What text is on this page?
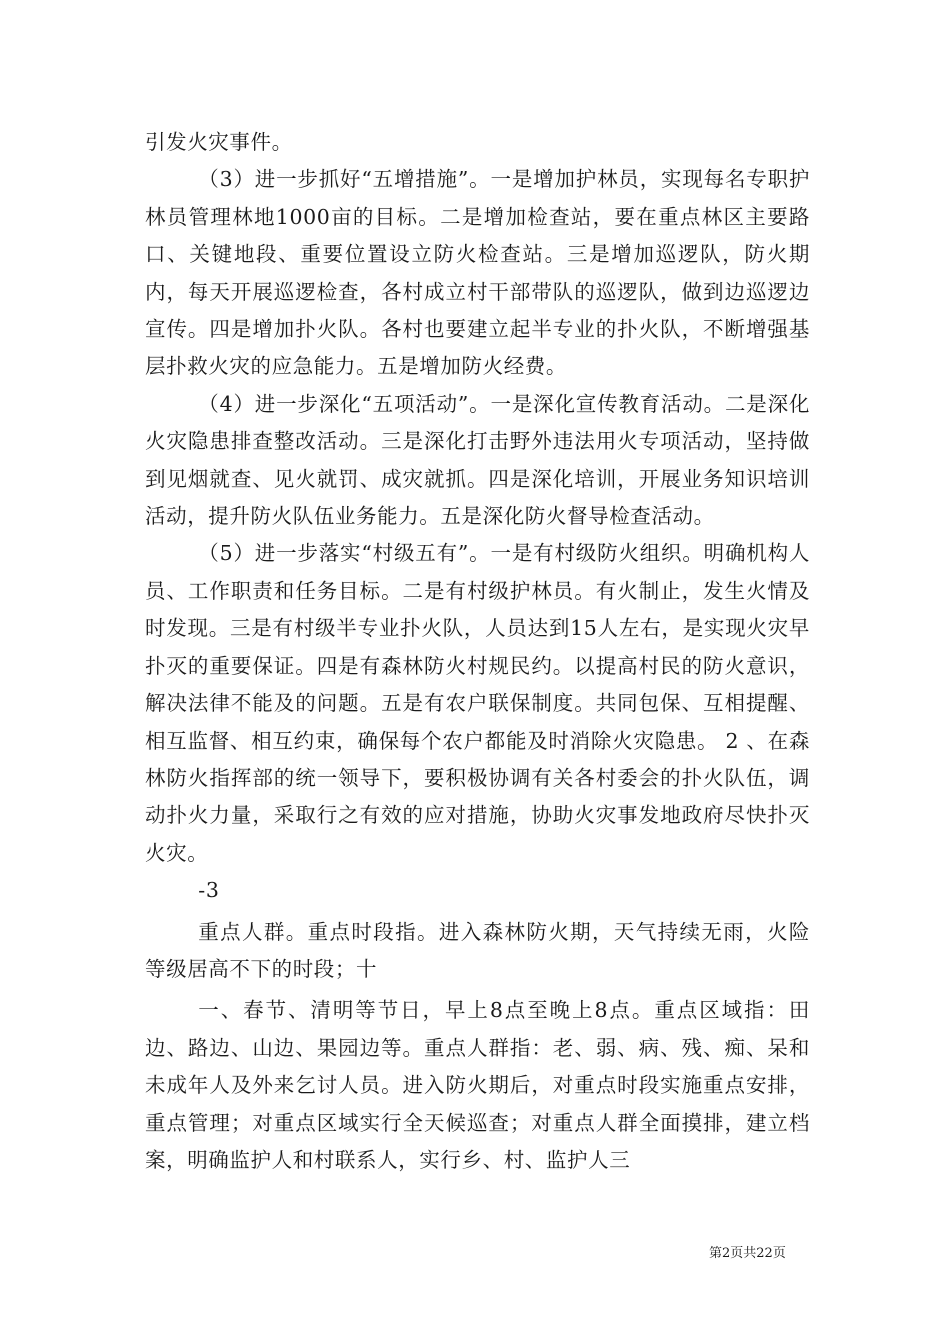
引发火灾事件。

（3）进一步抓好“五增措施”。一是增加护林员，实现每名专职护林员管理林地1000亩的目标。二是增加检查站，要在重点林区主要路口、关键地段、重要位置设立防火检查站。三是增加巡逻队，防火期内，每天开展巡逻检查，各村成立村干部带队的巡逻队，做到边巡逻边宣传。四是增加扑火队。各村也要建立起半专业的扑火队，不断增强基层扑救火灾的应急能力。五是增加防火经费。

（4）进一步深化“五项活动”。一是深化宣传教育活动。二是深化火灾隐患排查整改活动。三是深化打击野外违法用火专项活动，坚持做到见烟就查、见火就罚、成灾就抓。四是深化培训，开展业务知识培训活动，提升防火队伍业务能力。五是深化防火督导检查活动。

（5）进一步落实“村级五有”。一是有村级防火组织。明确机构人员、工作职责和任务目标。二是有村级护林员。有火制止，发生火情及时发现。三是有村级半专业扑火队，人员达到15人左右，是实现火灾早扑灭的重要保证。四是有森林防火村规民约。以提高村民的防火意识，解决法律不能及的问题。五是有农户联保制度。共同包保、互相提醒、相互监督、相互约束，确保每个农户都能及时消除火灾隐患。 2 、在森林防火指挥部的统一领导下，要积极协调有关各村委会的扑火队伍，调动扑火力量，采取行之有效的应对措施，协助火灾事发地政府尽快扑灭火灾。

-3

重点人群。重点时段指。进入森林防火期，天气持续无雨，火险等级居高不下的时段；十

一、春节、清明等节日，早上8点至晚上8点。重点区域指：田边、路边、山边、果园边等。重点人群指：老、弱、病、残、痴、呆和未成年人及外来乞讨人员。进入防火期后，对重点时段实施重点安排，重点管理；对重点区域实行全天候巡查；对重点人群全面摸排，建立档案，明确监护人和村联系人，实行乡、村、监护人三

第2页共22页
